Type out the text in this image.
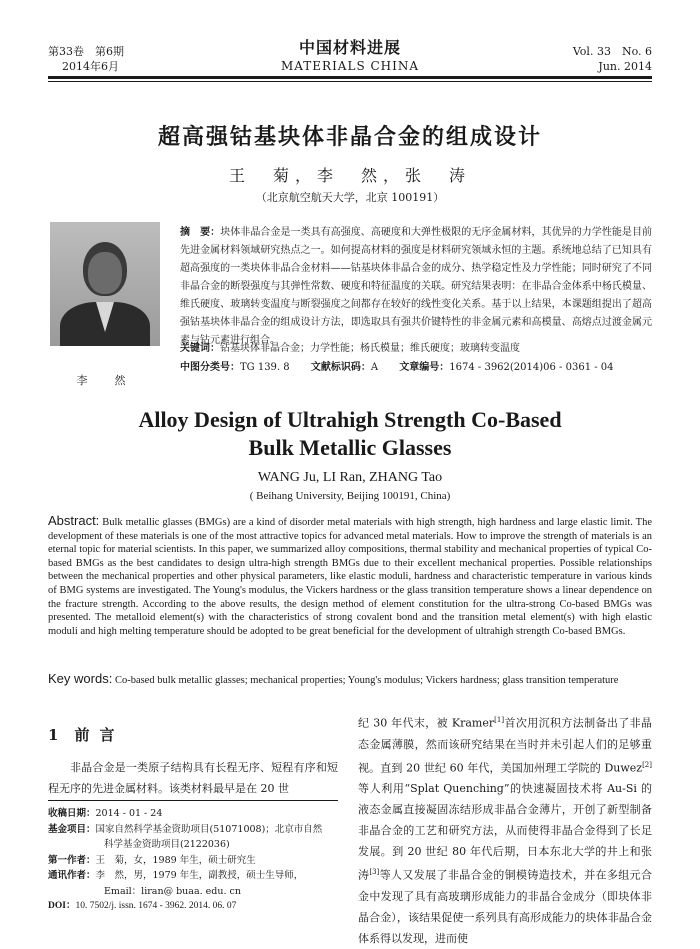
第33卷　第6期
2014年6月
中国材料进展
MATERIALS CHINA
Vol. 33　No. 6
Jun. 2014
超高强钴基块体非晶合金的组成设计
王　菊，李　然，张　涛
（北京航空航天大学，北京 100191）
李　然
摘　要：块体非晶合金是一类具有高强度、高硬度和大弹性极限的无序金属材料，其优异的力学性能是目前先进金属材料领域研究热点之一。如何提高材料的强度是材料研究领域永恒的主题。系统地总结了已知具有超高强度的一类块体非晶合金材料——钴基块体非晶合金的成分、热学稳定性及力学性能；同时研究了不同非晶合金的断裂强度与其弹性常数、硬度和特征温度的关联。研究结果表明：在非晶合金体系中杨氏模量、维氏硬度、玻璃转变温度与断裂强度之间都存在较好的线性变化关系。基于以上结果，本课题组提出了超高强钴基块体非晶合金的组成设计方法，即选取具有强共价键特性的非金属元素和高模量、高熔点过渡金属元素与钴元素进行组合。
关键词：钴基块体非晶合金；力学性能；杨氏模量；维氏硬度；玻璃转变温度
中图分类号：TG 139. 8 文献标识码：A 文章编号：1674 - 3962(2014)06 - 0361 - 04
Alloy Design of Ultrahigh Strength Co-Based
Bulk Metallic Glasses
WANG Ju, LI Ran, ZHANG Tao
( Beihang University, Beijing 100191, China)
Abstract: Bulk metallic glasses (BMGs) are a kind of disorder metal materials with high strength, high hardness and large elastic limit. The development of these materials is one of the most attractive topics for advanced metal materials. How to improve the strength of materials is an eternal topic for material scientists. In this paper, we summarized alloy compositions, thermal stability and mechanical properties of typical Co-based BMGs as the best candidates to design ultra-high strength BMGs due to their excellent mechanical properties. Possible relationships between the mechanical properties and other physical parameters, like elastic moduli, hardness and characteristic temperature in various kinds of BMG systems are investigated. The Young's modulus, the Vickers hardness or the glass transition temperature shows a linear dependence on the fracture strength. According to the above results, the design method of element constitution for the ultra-strong Co-based BMGs was presented. The metalloid element(s) with the characteristics of strong covalent bond and the transition metal element(s) with high elastic moduli and high melting temperature should be adopted to be great beneficial for the development of ultrahigh strength Co-based BMGs.
Key words: Co-based bulk metallic glasses; mechanical properties; Young's modulus; Vickers hardness; glass transition temperature
1 前言

非晶合金是一类原子结构具有长程无序、短程有序和短程无序的先进金属材料。该类材料最早是在 20 世

纪 30 年代末，被 Kramer[1]首次用沉积方法制备出了非晶态金属薄膜，然而该研究结果在当时并未引起人们的足够重视。直到 20 世纪 60 年代，美国加州理工学院的 Duwez[2]等人利用“Splat Quenching”的快速凝固技术将 Au-Si 的液态金属直接凝固冻结形成非晶合金薄片，开创了新型制备非晶合金的工艺和研究方法，从而使得非晶合金得到了长足发展。到 20 世纪 80 年代后期，日本东北大学的井上和张涛[3]等人又发展了非晶合金的铜模铸造技术，并在多组元合金中发现了具有高玻璃形成能力的非晶合金成分（即块体非晶合金），该结果促使一系列具有高形成能力的块体非晶合金体系得以发现，进而使

收稿日期： 2014 - 01 - 24
基金项目： 国家自然科学基金资助项目(51071008)；北京市自然
科学基金资助项目(2122036)
第一作者： 王　菊，女，1989 年生，硕士研究生
通讯作者： 李　然，男，1979 年生，副教授，硕士生导师，
Email：liran@ buaa. edu. cn
DOI： 10. 7502/j. issn. 1674 - 3962. 2014. 06. 07
